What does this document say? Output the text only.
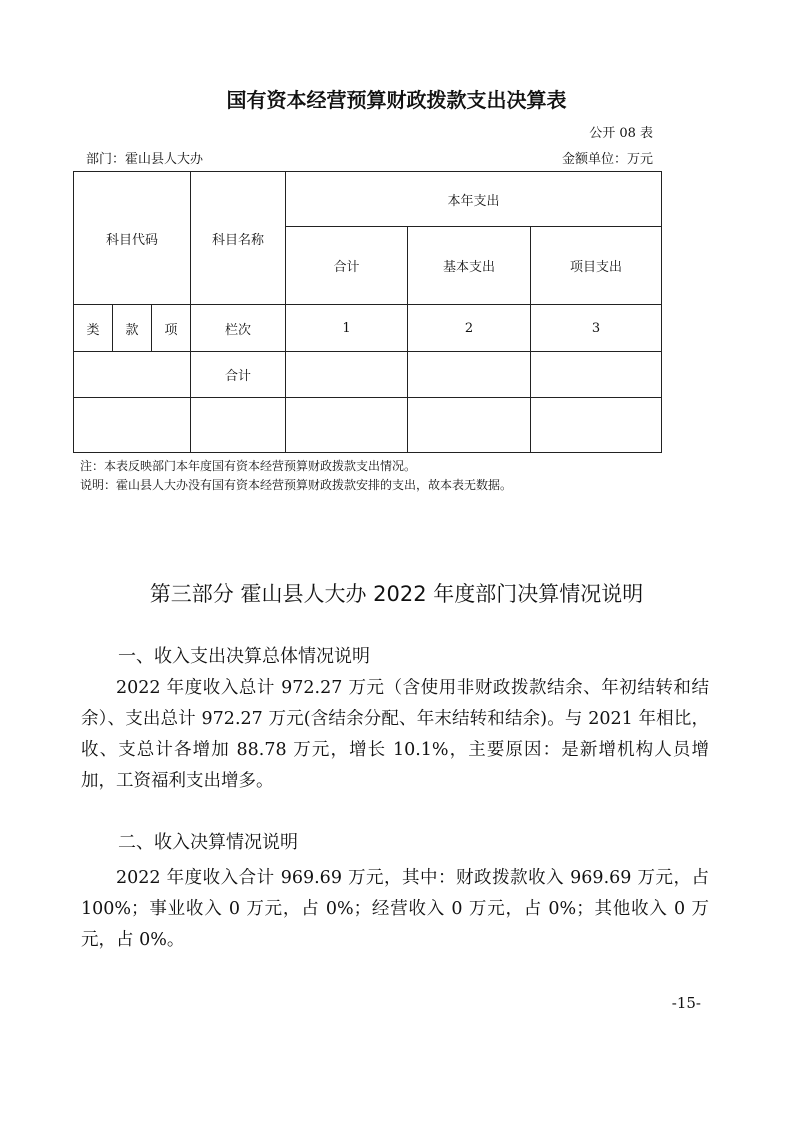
国有资本经营预算财政拨款支出决算表
公开 08 表
部门：霍山县人大办	金额单位：万元
科目代码			科目名称	本年支出		
				合计	基本支出	项目支出
类	款	项	栏次	1	2	3
			合计			

注：本表反映部门本年度国有资本经营预算财政拨款支出情况。
说明：霍山县人大办没有国有资本经营预算财政拨款安排的支出，故本表无数据。
第三部分 霍山县人大办 2022 年度部门决算情况说明
一、收入支出决算总体情况说明

2022 年度收入总计 972.27 万元（含使用非财政拨款结余、年初结转和结余）、支出总计 972.27 万元(含结余分配、年末结转和结余)。与 2021 年相比，收、支总计各增加 88.78 万元，增长 10.1%，主要原因：是新增机构人员增加，工资福利支出增多。

二、收入决算情况说明

2022 年度收入合计 969.69 万元，其中：财政拨款收入 969.69 万元，占 100%；事业收入 0 万元，占 0%；经营收入 0 万元，占 0%；其他收入 0 万元，占 0%。

-15-
